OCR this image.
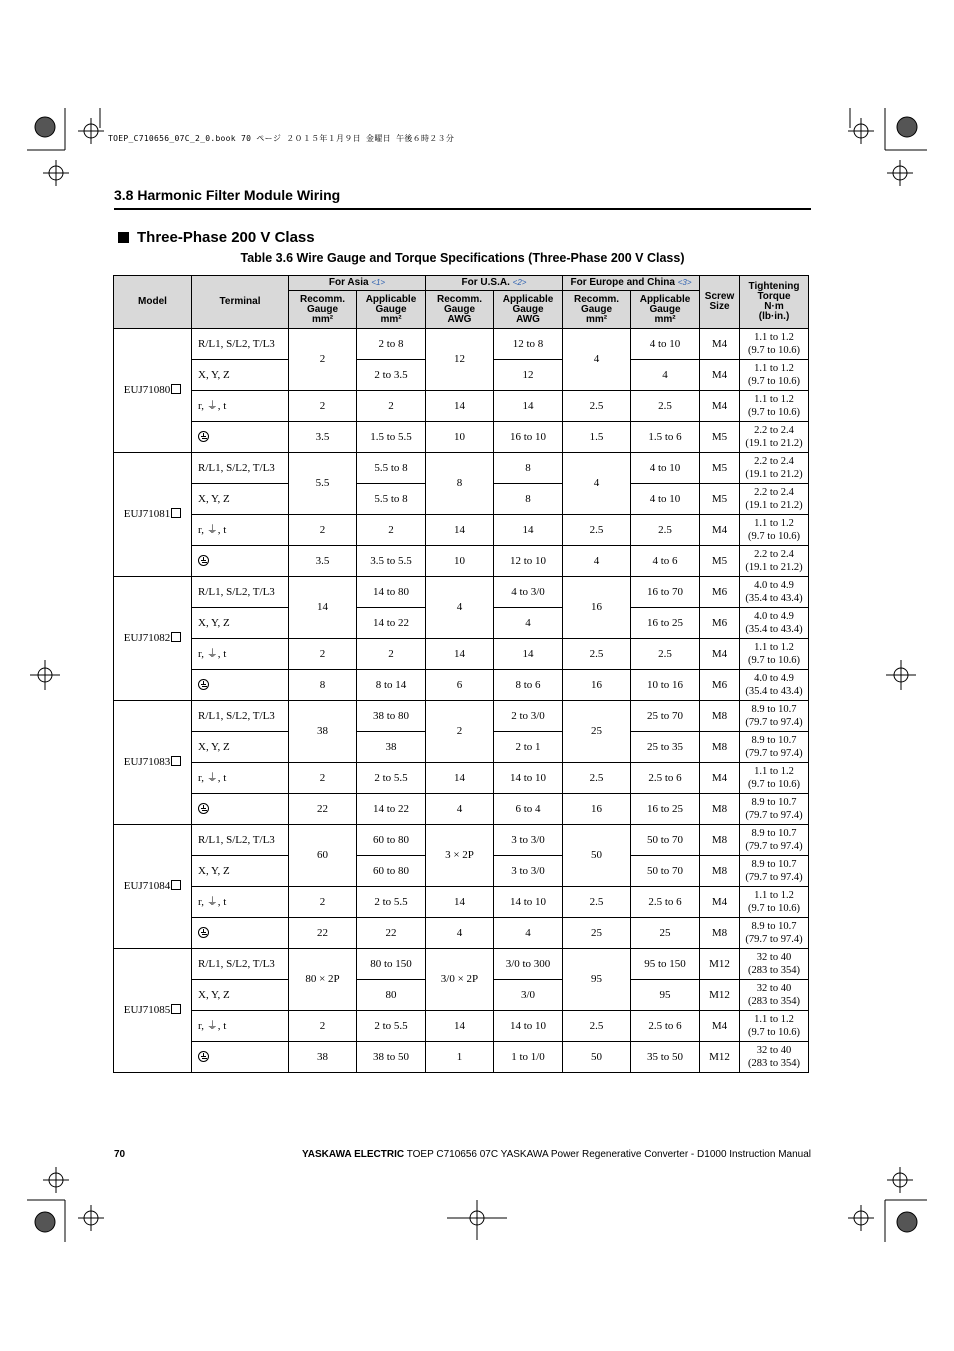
TOEP_C710656_07C_2_0.book 70 ページ ２０１５年１月９日 金曜日 午後６時２３分
3.8 Harmonic Filter Module Wiring
Three-Phase 200 V Class
Table 3.6 Wire Gauge and Torque Specifications (Three-Phase 200 V Class)
Model	Terminal	For Asia <1>		For U.S.A. <2>		For Europe and China <3>		Screw Size	Tightening Torque
N·m
(lb·in.)
		Recomm. Gauge
mm²	Applicable Gauge
mm²	Recomm. Gauge
AWG	Applicable Gauge
AWG	Recomm. Gauge
mm²	Applicable Gauge
mm²		
EUJ71080	R/L1, S/L2, T/L3	2	2 to 8	12	12 to 8	4	4 to 10	M4	1.1 to 1.2
(9.7 to 10.6)

	X, Y, Z		2 to 3.5		12		4	M4	1.1 to 1.2
(9.7 to 10.6)

	r, ⏚, t	2	2	14	14	2.5	2.5	M4	1.1 to 1.2
(9.7 to 10.6)

		3.5	1.5 to 5.5	10	16 to 10	1.5	1.5 to 6	M5	2.2 to 2.4
(19.1 to 21.2)

EUJ71081	R/L1, S/L2, T/L3	5.5	5.5 to 8	8	8	4	4 to 10	M5	2.2 to 2.4
(19.1 to 21.2)

	X, Y, Z		5.5 to 8		8		4 to 10	M5	2.2 to 2.4
(19.1 to 21.2)

	r, ⏚, t	2	2	14	14	2.5	2.5	M4	1.1 to 1.2
(9.7 to 10.6)

		3.5	3.5 to 5.5	10	12 to 10	4	4 to 6	M5	2.2 to 2.4
(19.1 to 21.2)

EUJ71082	R/L1, S/L2, T/L3	14	14 to 80	4	4 to 3/0	16	16 to 70	M6	4.0 to 4.9
(35.4 to 43.4)

	X, Y, Z		14 to 22		4		16 to 25	M6	4.0 to 4.9
(35.4 to 43.4)

	r, ⏚, t	2	2	14	14	2.5	2.5	M4	1.1 to 1.2
(9.7 to 10.6)

		8	8 to 14	6	8 to 6	16	10 to 16	M6	4.0 to 4.9
(35.4 to 43.4)

EUJ71083	R/L1, S/L2, T/L3	38	38 to 80	2	2 to 3/0	25	25 to 70	M8	8.9 to 10.7
(79.7 to 97.4)

	X, Y, Z		38		2 to 1		25 to 35	M8	8.9 to 10.7
(79.7 to 97.4)

	r, ⏚, t	2	2 to 5.5	14	14 to 10	2.5	2.5 to 6	M4	1.1 to 1.2
(9.7 to 10.6)

		22	14 to 22	4	6 to 4	16	16 to 25	M8	8.9 to 10.7
(79.7 to 97.4)

EUJ71084	R/L1, S/L2, T/L3	60	60 to 80	3 × 2P	3 to 3/0	50	50 to 70	M8	8.9 to 10.7
(79.7 to 97.4)

	X, Y, Z		60 to 80		3 to 3/0		50 to 70	M8	8.9 to 10.7
(79.7 to 97.4)

	r, ⏚, t	2	2 to 5.5	14	14 to 10	2.5	2.5 to 6	M4	1.1 to 1.2
(9.7 to 10.6)

		22	22	4	4	25	25	M8	8.9 to 10.7
(79.7 to 97.4)

EUJ71085	R/L1, S/L2, T/L3	80 × 2P	80 to 150	3/0 × 2P	3/0 to 300	95	95 to 150	M12	32 to 40
(283 to 354)

	X, Y, Z		80		3/0		95	M12	32 to 40
(283 to 354)

	r, ⏚, t	2	2 to 5.5	14	14 to 10	2.5	2.5 to 6	M4	1.1 to 1.2
(9.7 to 10.6)

		38	38 to 50	1	1 to 1/0	50	35 to 50	M12	32 to 40
(283 to 354)
70	YASKAWA ELECTRIC TOEP C710656 07C YASKAWA Power Regenerative Converter - D1000 Instruction Manual
